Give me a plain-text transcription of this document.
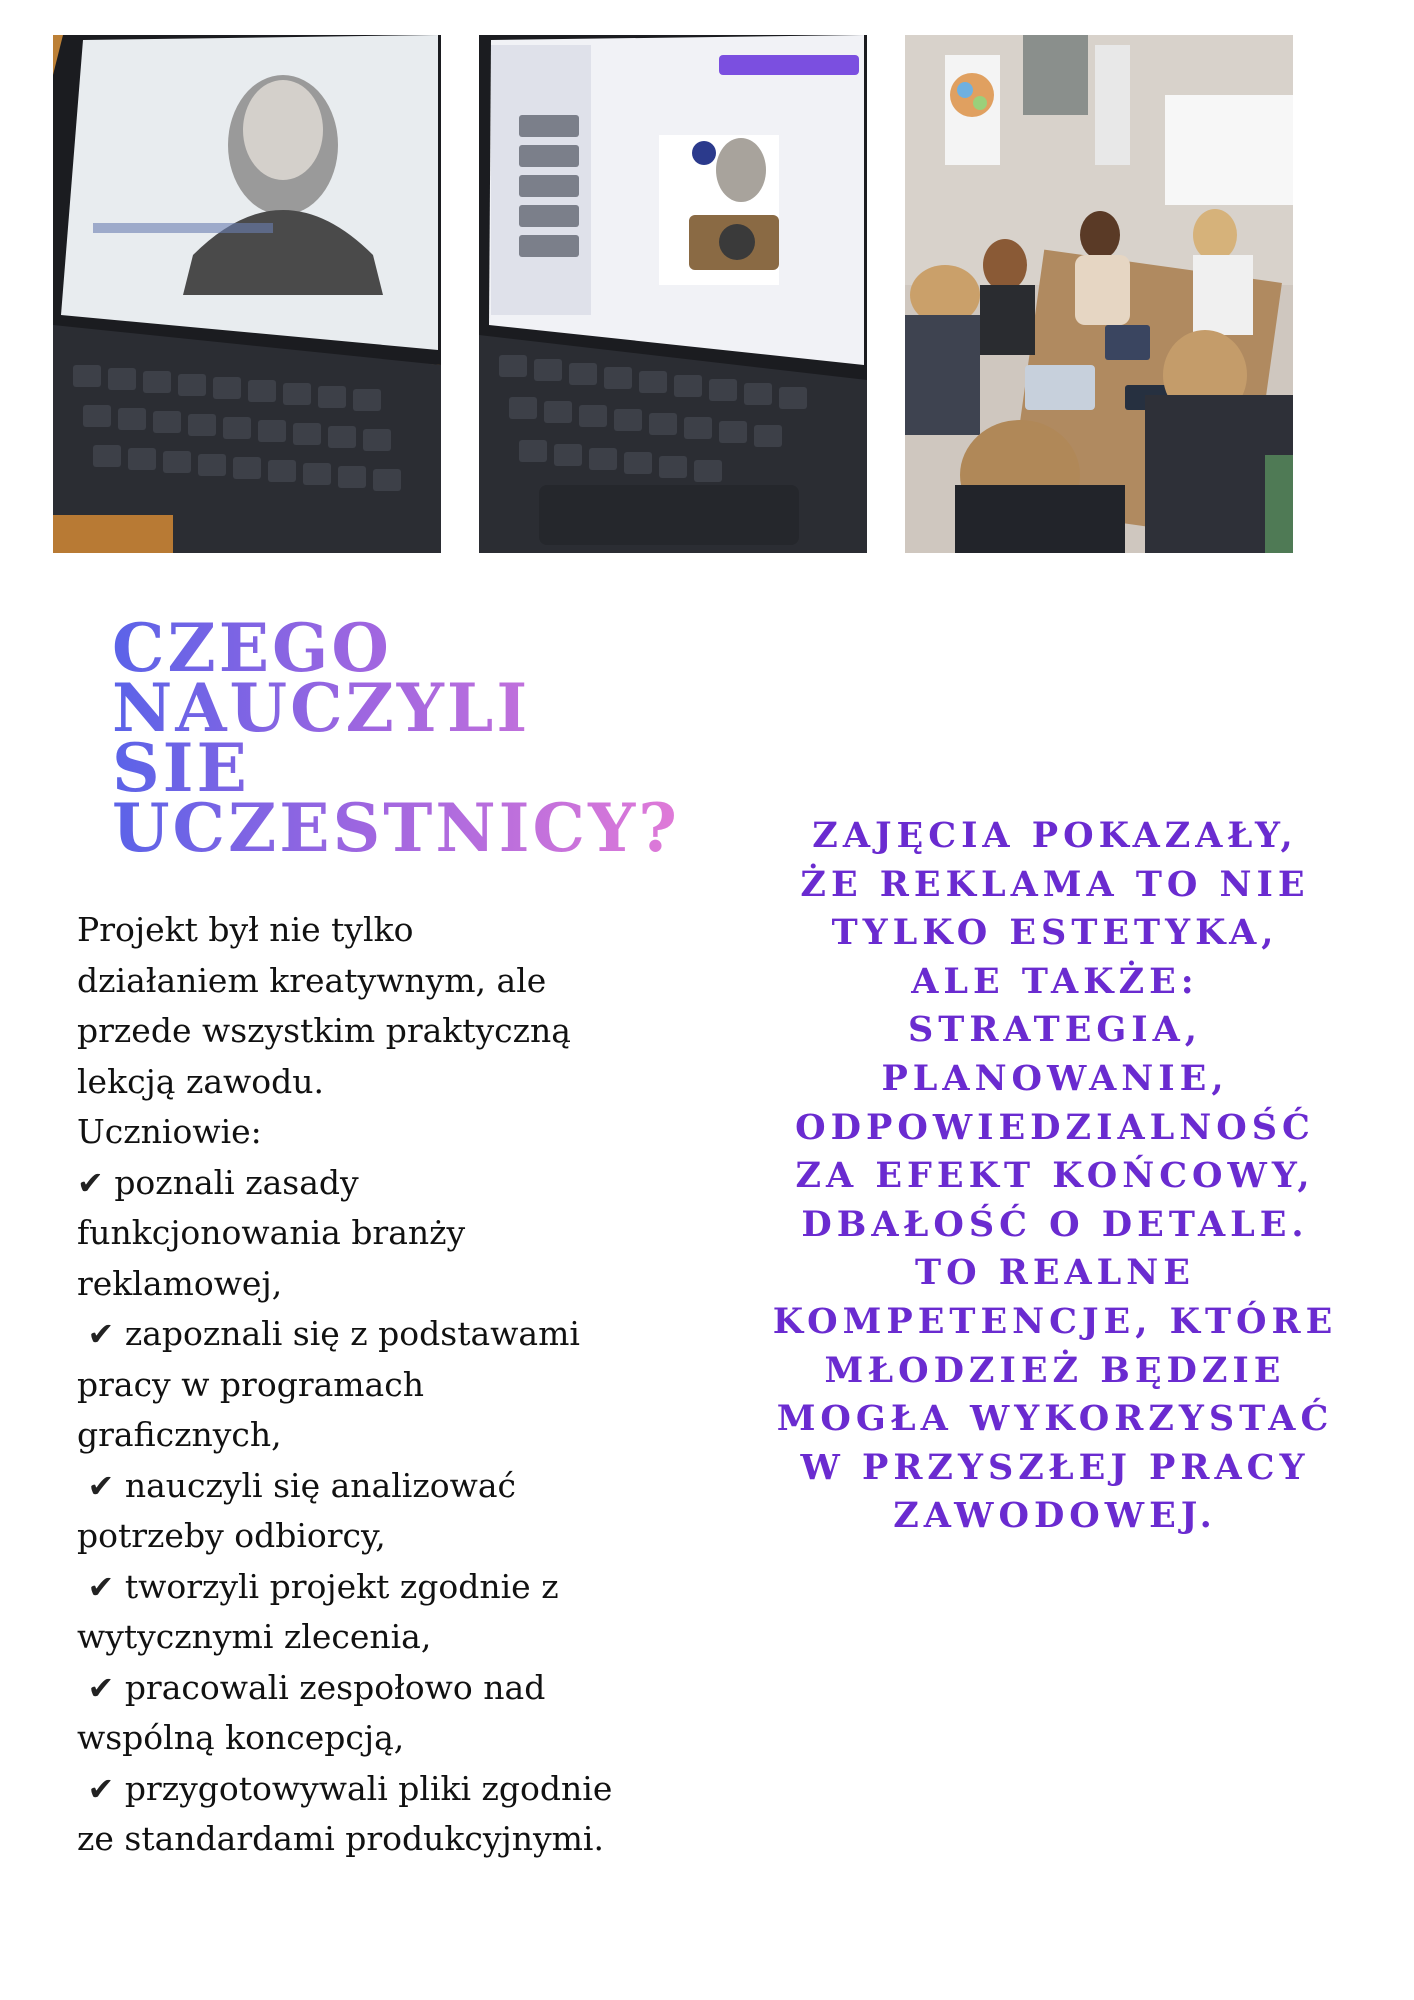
CZEGO
NAUCZYLI
SIE
UCZESTNICY?

Projekt był nie tylko
działaniem kreatywnym, ale
przede wszystkim praktyczną
lekcją zawodu.
Uczniowie:

✔ poznali zasady
funkcjonowania branży
reklamowej,

✔ zapoznali się z podstawami
pracy w programach
graficznych,

✔ nauczyli się analizować
potrzeby odbiorcy,

✔ tworzyli projekt zgodnie z
wytycznymi zlecenia,

✔ pracowali zespołowo nad
wspólną koncepcją,

✔ przygotowywali pliki zgodnie
ze standardami produkcyjnymi.

ZAJĘCIA POKAZAŁY,
ŻE REKLAMA TO NIE
TYLKO ESTETYKA,
ALE TAKŻE:
STRATEGIA,
PLANOWANIE,
ODPOWIEDZIALNOŚĆ
ZA EFEKT KOŃCOWY,
DBAŁOŚĆ O DETALE.
TO REALNE
KOMPETENCJE, KTÓRE
MŁODZIEŻ BĘDZIE
MOGŁA WYKORZYSTAĆ
W PRZYSZŁEJ PRACY
ZAWODOWEJ.
